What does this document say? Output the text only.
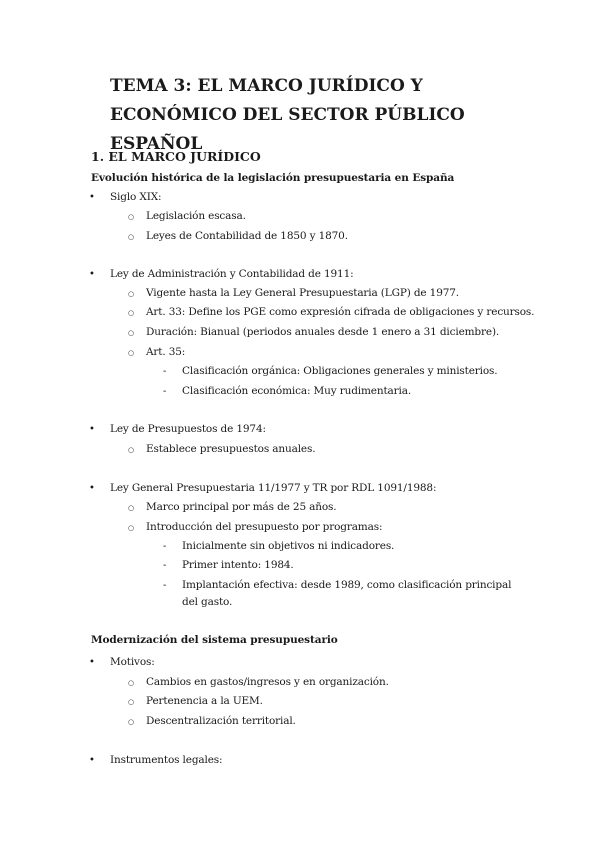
TEMA 3: EL MARCO JURÍDICO Y ECONÓMICO DEL SECTOR PÚBLICO ESPAÑOL
1. EL MARCO JURÍDICO
Evolución histórica de la legislación presupuestaria en España
• Siglo XIX:
○ Legislación escasa.
○ Leyes de Contabilidad de 1850 y 1870.
• Ley de Administración y Contabilidad de 1911:
○ Vigente hasta la Ley General Presupuestaria (LGP) de 1977.
○ Art. 33: Define los PGE como expresión cifrada de obligaciones y recursos.
○ Duración: Bianual (periodos anuales desde 1 enero a 31 diciembre).
○ Art. 35:
- Clasificación orgánica: Obligaciones generales y ministerios.
- Clasificación económica: Muy rudimentaria.
• Ley de Presupuestos de 1974:
○ Establece presupuestos anuales.
• Ley General Presupuestaria 11/1977 y TR por RDL 1091/1988:
○ Marco principal por más de 25 años.
○ Introducción del presupuesto por programas:
- Inicialmente sin objetivos ni indicadores.
- Primer intento: 1984.
- Implantación efectiva: desde 1989, como clasificación principal del gasto.
Modernización del sistema presupuestario
• Motivos:
○ Cambios en gastos/ingresos y en organización.
○ Pertenencia a la UEM.
○ Descentralización territorial.
• Instrumentos legales:
